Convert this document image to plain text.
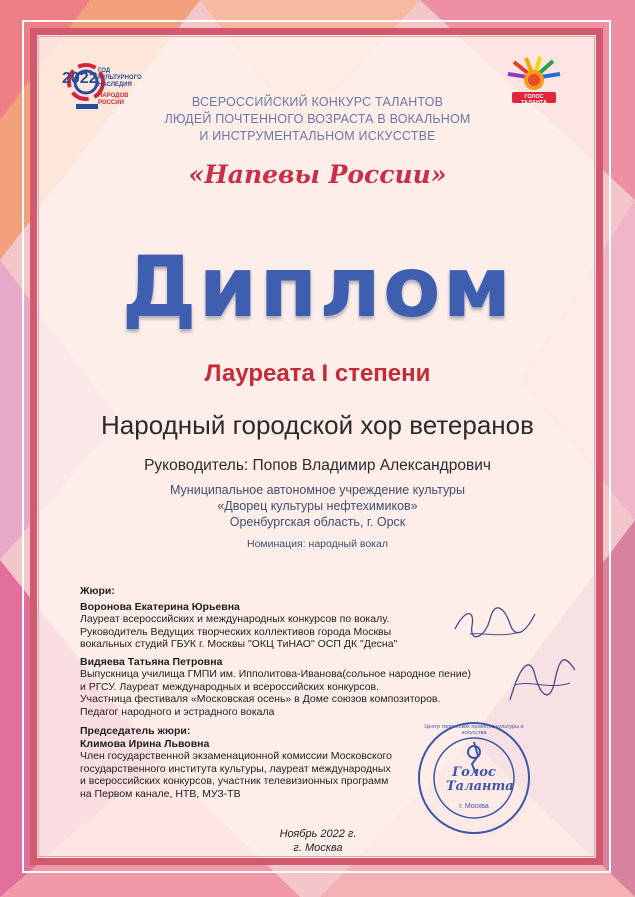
2022 ГОД
КУЛЬТУРНОГО
НАСЛЕДИЯ
НАРОДОВ
РОССИИ
ГОЛОС ТАЛАНТА
ВСЕРОССИЙСКИЙ КОНКУРС ТАЛАНТОВ
ЛЮДЕЙ ПОЧТЕННОГО ВОЗРАСТА В ВОКАЛЬНОМ
И ИНСТРУМЕНТАЛЬНОМ ИСКУССТВЕ
«Напевы России»
Диплом
Лауреата I степени
Народный городской хор ветеранов
Руководитель: Попов Владимир Александрович
Муниципальное автономное учреждение культуры
«Дворец культуры нефтехимиков»
Оренбургская область, г. Орск
Номинация: народный вокал
Жюри:
Воронова Екатерина Юрьевна
Лауреат всероссийских и международных конкурсов по вокалу.
Руководитель Ведущих творческих коллективов города Москвы
вокальных студий ГБУК г. Москвы "ОКЦ ТиНАО" ОСП ДК "Десна"
Видяева Татьяна Петровна
Выпускница училища ГМПИ им. Ипполитова-Иванова(сольное народное пение)
и РГСУ. Лауреат международных и всероссийских конкурсов.
Участница фестиваля «Московская осень» в Доме союзов композиторов.
Педагог народного и эстрадного вокала
Председатель жюри:
Климова Ирина Львовна
Член государственной экзаменационной комиссии Московского
государственного института культуры, лауреат международных
и всероссийских конкурсов, участник телевизионных программ
на Первом канале, НТВ, МУЗ-ТВ
Голос
Таланта
г. Москва
Центр творческих проектов культуры и искусства
Ноябрь 2022 г.
г. Москва
